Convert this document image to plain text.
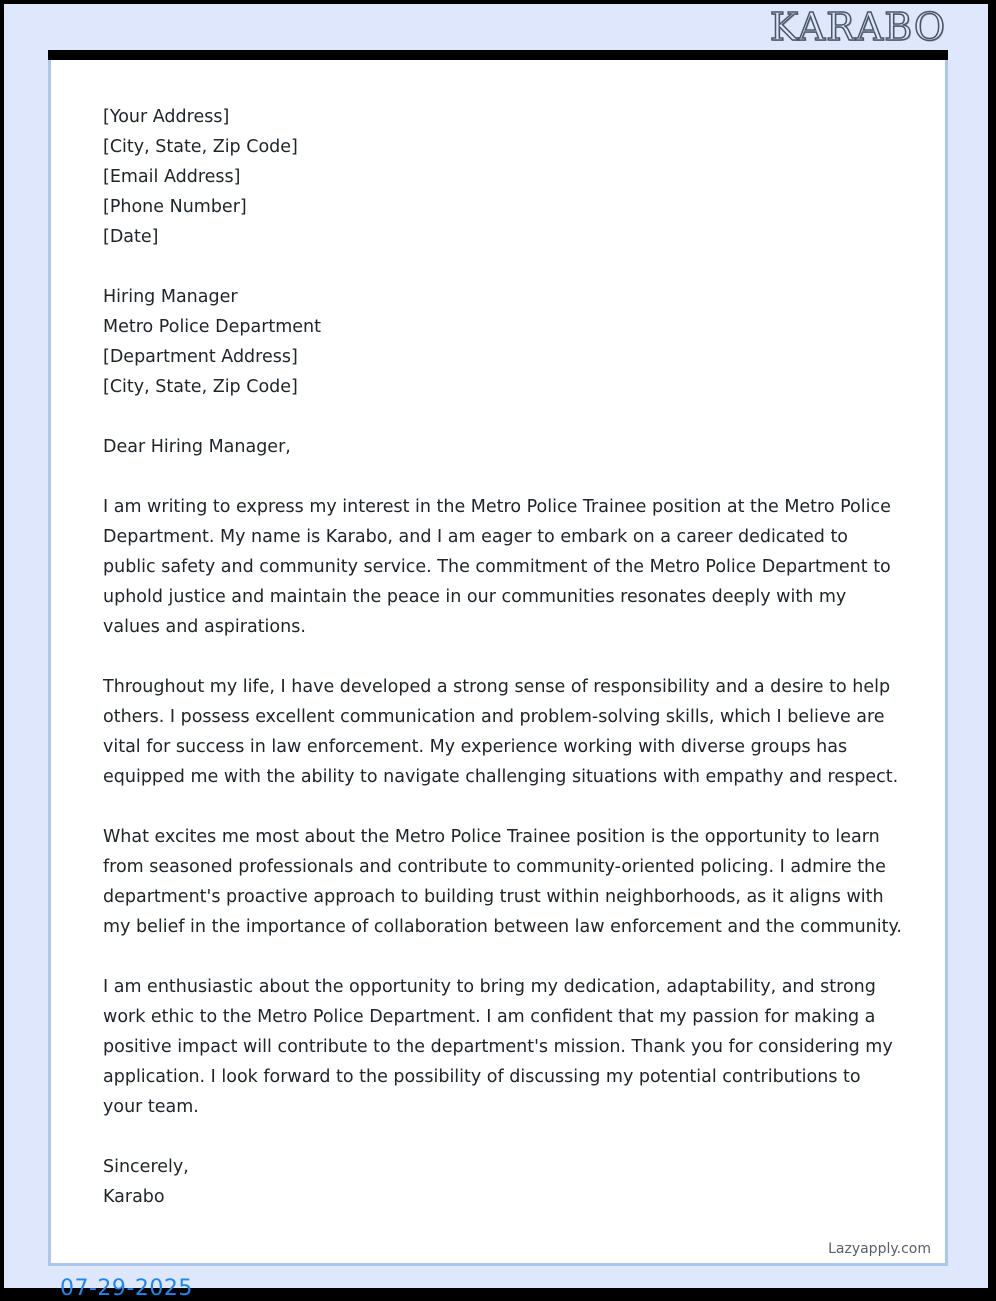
KARABO
[Your Address]
[City, State, Zip Code]
[Email Address]
[Phone Number]
[Date]
Hiring Manager
Metro Police Department
[Department Address]
[City, State, Zip Code]

Dear Hiring Manager,

I am writing to express my interest in the Metro Police Trainee position at the Metro Police Department. My name is Karabo, and I am eager to embark on a career dedicated to public safety and community service. The commitment of the Metro Police Department to uphold justice and maintain the peace in our communities resonates deeply with my values and aspirations.

Throughout my life, I have developed a strong sense of responsibility and a desire to help others. I possess excellent communication and problem-solving skills, which I believe are vital for success in law enforcement. My experience working with diverse groups has equipped me with the ability to navigate challenging situations with empathy and respect.

What excites me most about the Metro Police Trainee position is the opportunity to learn from seasoned professionals and contribute to community-oriented policing. I admire the department's proactive approach to building trust within neighborhoods, as it aligns with my belief in the importance of collaboration between law enforcement and the community.

I am enthusiastic about the opportunity to bring my dedication, adaptability, and strong work ethic to the Metro Police Department. I am confident that my passion for making a positive impact will contribute to the department's mission. Thank you for considering my application. I look forward to the possibility of discussing my potential contributions to your team.

Sincerely,
Karabo
Lazyapply.com
07-29-2025
